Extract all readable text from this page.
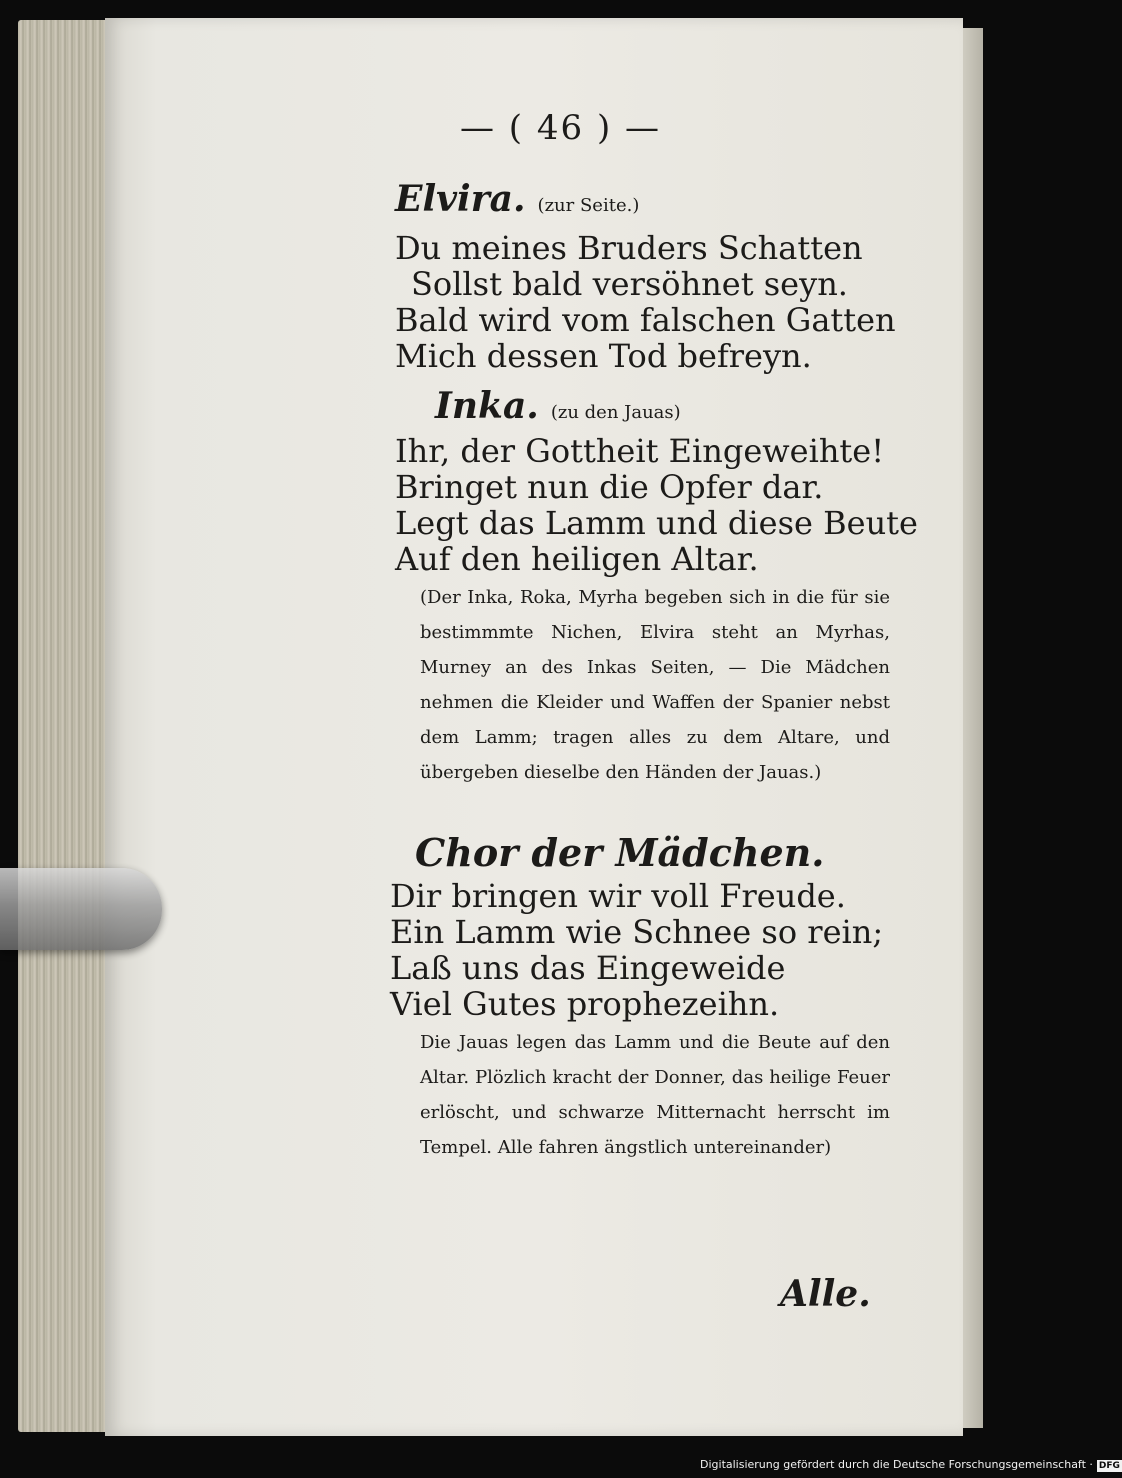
— ( 46 ) —
Elvira. (zur Seite.)
Du meines Bruders Schatten
Sollst bald versöhnet seyn.
Bald wird vom falschen Gatten
Mich dessen Tod befreyn.
Inka. (zu den Jauas)
Ihr, der Gottheit Eingeweihte!
Bringet nun die Opfer dar.
Legt das Lamm und diese Beute
Auf den heiligen Altar.
(Der Inka, Roka, Myrha begeben sich in die für sie bestimmmte Nichen, Elvira steht an Myrhas, Murney an des Inkas Seiten, — Die Mädchen nehmen die Kleider und Waffen der Spanier nebst dem Lamm; tragen alles zu dem Altare, und übergeben dieselbe den Händen der Jauas.)
Chor der Mädchen.
Dir bringen wir voll Freude.
Ein Lamm wie Schnee so rein;
Laß uns das Eingeweide
Viel Gutes prophezeihn.
Die Jauas legen das Lamm und die Beute auf den Altar. Plözlich kracht der Donner, das heilige Feuer erlöscht, und schwarze Mitternacht herrscht im Tempel. Alle fahren ängstlich untereinander)
Alle.
Digitalisierung gefördert durch die Deutsche Forschungsgemeinschaft · DFG
